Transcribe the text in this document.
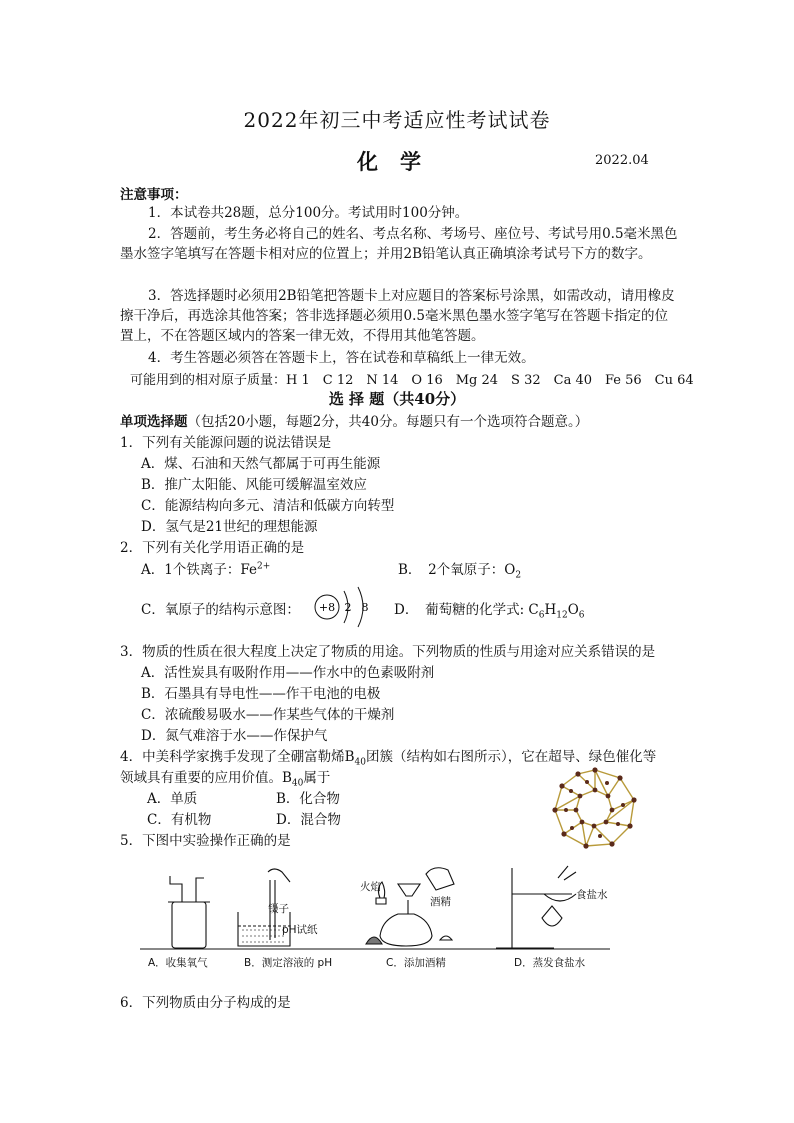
2022年初三中考适应性考试试卷
化学	2022.04
注意事项：
1．本试卷共28题，总分100分。考试用时100分钟。
2．答题前，考生务必将自己的姓名、考点名称、考场号、座位号、考试号用0.5毫米黑色墨水签字笔填写在答题卡相对应的位置上；并用2B铅笔认真正确填涂考试号下方的数字。
3．答选择题时必须用2B铅笔把答题卡上对应题目的答案标号涂黑，如需改动，请用橡皮擦干净后，再选涂其他答案；答非选择题必须用0.5毫米黑色墨水签字笔写在答题卡指定的位置上，不在答题区域内的答案一律无效，不得用其他笔答题。
4．考生答题必须答在答题卡上，答在试卷和草稿纸上一律无效。
可能用到的相对原子质量：H 1　C 12　N 14　O 16　Mg 24　S 32　Ca 40　Fe 56　Cu 64
选 择 题（共40分）
单项选择题（包括20小题，每题2分，共40分。每题只有一个选项符合题意。）
1．下列有关能源问题的说法错误是
A．煤、石油和天然气都属于可再生能源
B．推广太阳能、风能可缓解温室效应
C．能源结构向多元、清洁和低碳方向转型
D．氢气是21世纪的理想能源
2．下列有关化学用语正确的是
A．1个铁离子：$Fe^{2+}$	B．　2个氧原子：$O_2$
C．氧原子的结构示意图： +8 2 8 D．　葡萄糖的化学式: $C_6H_{12}O_6$
3．物质的性质在很大程度上决定了物质的用途。下列物质的性质与用途对应关系错误的是
A．活性炭具有吸附作用——作水中的色素吸附剂
B．石墨具有导电性——作干电池的电极
C．浓硫酸易吸水——作某些气体的干燥剂
D．氮气难溶于水——作保护气
4．中美科学家携手发现了全硼富勒烯$B_{40}$团簇（结构如右图所示），它在超导、绿色催化等
领域具有重要的应用价值。$B_{40}$属于
A．单质	B．化合物
C．有机物	D．混合物
5．下图中实验操作正确的是
镊子
pH试纸
火焰
酒精
食盐水
A．收集氧气	B．测定溶液的 pH	C．添加酒精	D．蒸发食盐水
6．下列物质由分子构成的是
